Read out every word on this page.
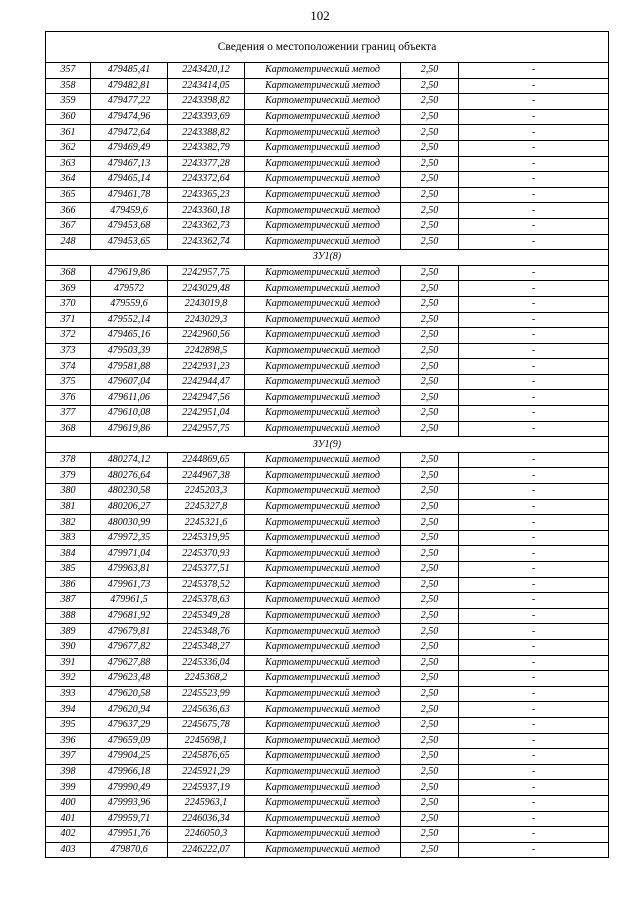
102
Сведения о местоположении границ объекта					
357	479485,41	2243420,12	Картометрический метод	2,50	-
358	479482,81	2243414,05	Картометрический метод	2,50	-
359	479477,22	2243398,82	Картометрический метод	2,50	-
360	479474,96	2243393,69	Картометрический метод	2,50	-
361	479472,64	2243388,82	Картометрический метод	2,50	-
362	479469,49	2243382,79	Картометрический метод	2,50	-
363	479467,13	2243377,28	Картометрический метод	2,50	-
364	479465,14	2243372,64	Картометрический метод	2,50	-
365	479461,78	2243365,23	Картометрический метод	2,50	-
366	479459,6	2243360,18	Картометрический метод	2,50	-
367	479453,68	2243362,73	Картометрический метод	2,50	-
248	479453,65	2243362,74	Картометрический метод	2,50	-
ЗУ1(8)					
368	479619,86	2242957,75	Картометрический метод	2,50	-
369	479572	2243029,48	Картометрический метод	2,50	-
370	479559,6	2243019,8	Картометрический метод	2,50	-
371	479552,14	2243029,3	Картометрический метод	2,50	-
372	479465,16	2242960,56	Картометрический метод	2,50	-
373	479503,39	2242898,5	Картометрический метод	2,50	-
374	479581,88	2242931,23	Картометрический метод	2,50	-
375	479607,04	2242944,47	Картометрический метод	2,50	-
376	479611,06	2242947,56	Картометрический метод	2,50	-
377	479610,08	2242951,04	Картометрический метод	2,50	-
368	479619,86	2242957,75	Картометрический метод	2,50	-
ЗУ1(9)					
378	480274,12	2244869,65	Картометрический метод	2,50	-
379	480276,64	2244967,38	Картометрический метод	2,50	-
380	480230,58	2245203,3	Картометрический метод	2,50	-
381	480206,27	2245327,8	Картометрический метод	2,50	-
382	480030,99	2245321,6	Картометрический метод	2,50	-
383	479972,35	2245319,95	Картометрический метод	2,50	-
384	479971,04	2245370,93	Картометрический метод	2,50	-
385	479963,81	2245377,51	Картометрический метод	2,50	-
386	479961,73	2245378,52	Картометрический метод	2,50	-
387	479961,5	2245378,63	Картометрический метод	2,50	-
388	479681,92	2245349,28	Картометрический метод	2,50	-
389	479679,81	2245348,76	Картометрический метод	2,50	-
390	479677,82	2245348,27	Картометрический метод	2,50	-
391	479627,88	2245336,04	Картометрический метод	2,50	-
392	479623,48	2245368,2	Картометрический метод	2,50	-
393	479620,58	2245523,99	Картометрический метод	2,50	-
394	479620,94	2245636,63	Картометрический метод	2,50	-
395	479637,29	2245675,78	Картометрический метод	2,50	-
396	479659,09	2245698,1	Картометрический метод	2,50	-
397	479904,25	2245876,65	Картометрический метод	2,50	-
398	479966,18	2245921,29	Картометрический метод	2,50	-
399	479990,49	2245937,19	Картометрический метод	2,50	-
400	479993,96	2245963,1	Картометрический метод	2,50	-
401	479959,71	2246036,34	Картометрический метод	2,50	-
402	479951,76	2246050,3	Картометрический метод	2,50	-
403	479870,6	2246222,07	Картометрический метод	2,50	-
